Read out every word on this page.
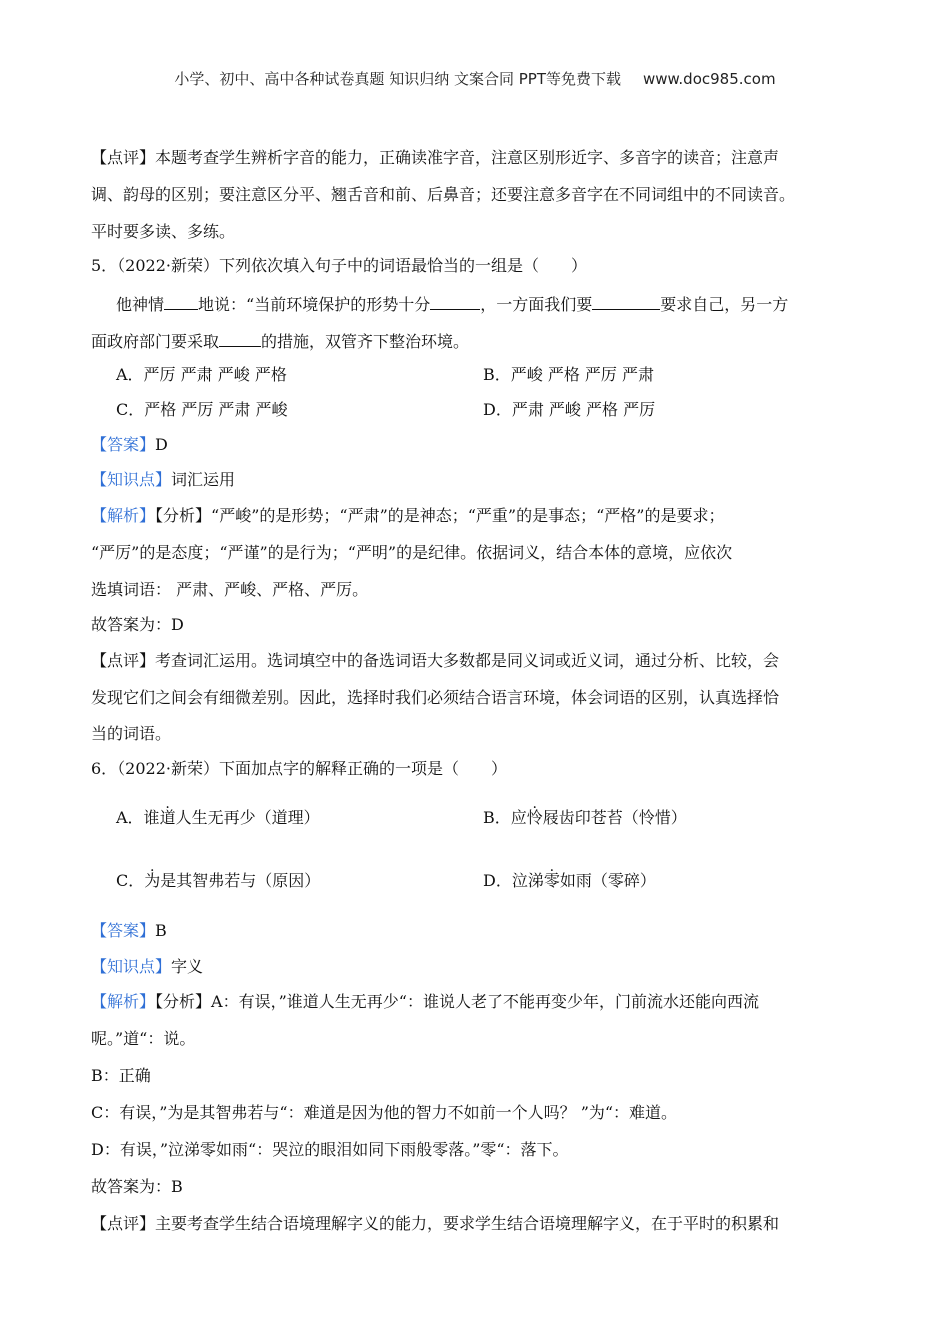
小学、初中、高中各种试卷真题 知识归纳 文案合同 PPT等免费下载 www.doc985.com
【点评】本题考查学生辨析字音的能力，正确读准字音，注意区别形近字、多音字的读音；注意声
调、韵母的区别；要注意区分平、翘舌音和前、后鼻音；还要注意多音字在不同词组中的不同读音。
平时要多读、多练。
5．（2022·新荣）下列依次填入句子中的词语最恰当的一组是（　　）
他神情 地说：“当前环境保护的形势十分	，一方面我们要	要求自己，另一方
面政府部门要采取	的措施，双管齐下整治环境。
A．严厉 严肃 严峻 严格	B．严峻 严格 严厉 严肃
C．严格 严厉 严肃 严峻	D．严肃 严峻 严格 严厉
【答案】D
【知识点】词汇运用
【解析】【分析】“严峻”的是形势；“严肃”的是神态；“严重”的是事态；“严格”的是要求；
“严厉”的是态度；“严谨”的是行为；“严明”的是纪律。依据词义，结合本体的意境，应依次
选填词语： 严肃、严峻、严格、严厉。
故答案为：D
【点评】考查词汇运用。选词填空中的备选词语大多数都是同义词或近义词，通过分析、比较，会
发现它们之间会有细微差别。因此，选择时我们必须结合语言环境，体会词语的区别，认真选择恰
当的词语。
6．（2022·新荣）下面加点字的解释正确的一项是（　　）
A．谁道人生无再少（道理）	B．应怜屐齿印苍苔（怜惜）
C．为是其智弗若与（原因）	D．泣涕零如雨（零碎）
【答案】B
【知识点】字义
【解析】【分析】A：有误，”谁道人生无再少“：谁说人老了不能再变少年，门前流水还能向西流
呢。”道“：说。
B：正确
C：有误，”为是其智弗若与“：难道是因为他的智力不如前一个人吗？ ”为“：难道。
D：有误，”泣涕零如雨“：哭泣的眼泪如同下雨般零落。”零“：落下。
故答案为：B
【点评】主要考查学生结合语境理解字义的能力，要求学生结合语境理解字义，在于平时的积累和
